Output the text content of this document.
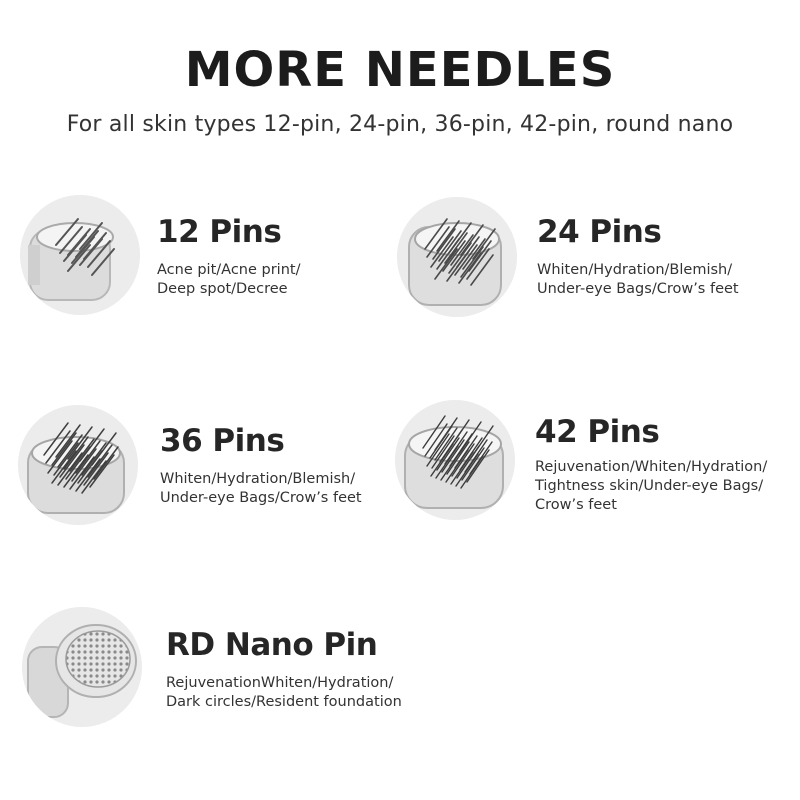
MORE NEEDLES
For all skin types 12-pin, 24-pin, 36-pin, 42-pin, round nano
12 Pins
Acne pit/Acne print/
Deep spot/Decree
24 Pins
Whiten/Hydration/Blemish/
Under-eye Bags/Crow’s feet
36 Pins
Whiten/Hydration/Blemish/
Under-eye Bags/Crow’s feet
42 Pins
Rejuvenation/Whiten/Hydration/
Tightness skin/Under-eye Bags/
Crow’s feet
RD Nano Pin
RejuvenationWhiten/Hydration/
Dark circles/Resident foundation
